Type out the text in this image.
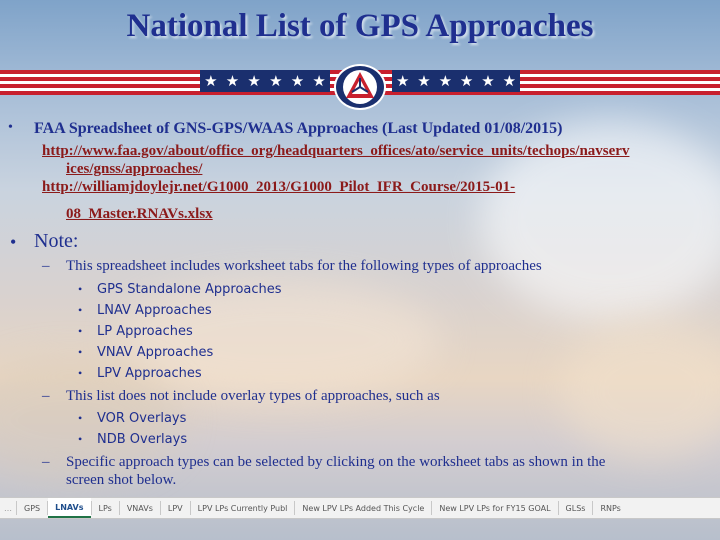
National List of GPS Approaches
★ ★ ★ ★ ★ ★	★ ★ ★ ★ ★ ★
• FAA Spreadsheet of GNS-GPS/WAAS Approaches (Last Updated 01/08/2015)
http://www.faa.gov/about/office_org/headquarters_offices/ato/service_units/techops/navserv
ices/gnss/approaches/
http://williamjdoylejr.net/G1000_2013/G1000_Pilot_IFR_Course/2015-01-
08_Master.RNAVs.xlsx
• Note:
– This spreadsheet includes worksheet tabs for the following types of approaches
• GPS Standalone Approaches
• LNAV Approaches
• LP Approaches
• VNAV Approaches
• LPV Approaches
– This list does not include overlay types of approaches, such as
• VOR Overlays
• NDB Overlays
– Specific approach types can be selected by clicking on the worksheet tabs as shown in the
screen shot below.
…	GPS	LNAVs	LPs	VNAVs	LPV	LPV LPs Currently Publ	New LPV LPs Added This Cycle	New LPV LPs for FY15 GOAL	GLSs	RNPs
